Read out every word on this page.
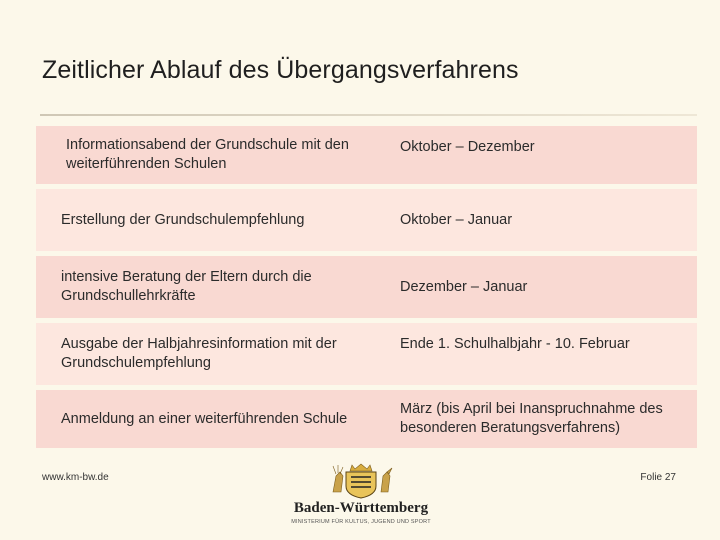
Zeitlicher Ablauf des Übergangsverfahrens
Informationsabend der Grundschule mit den weiterführenden Schulen
Oktober – Dezember
Erstellung der Grundschulempfehlung	Oktober – Januar
intensive Beratung der Eltern durch die Grundschullehrkräfte
Dezember – Januar
Ausgabe der Halbjahresinformation mit der Grundschulempfehlung
Ende 1. Schulhalbjahr - 10. Februar
Anmeldung an einer weiterführenden Schule
März (bis April bei Inanspruchnahme des besonderen Beratungsverfahrens)
www.km-bw.de	Folie 27
Baden-Württemberg
MINISTERIUM FÜR KULTUS, JUGEND UND SPORT
